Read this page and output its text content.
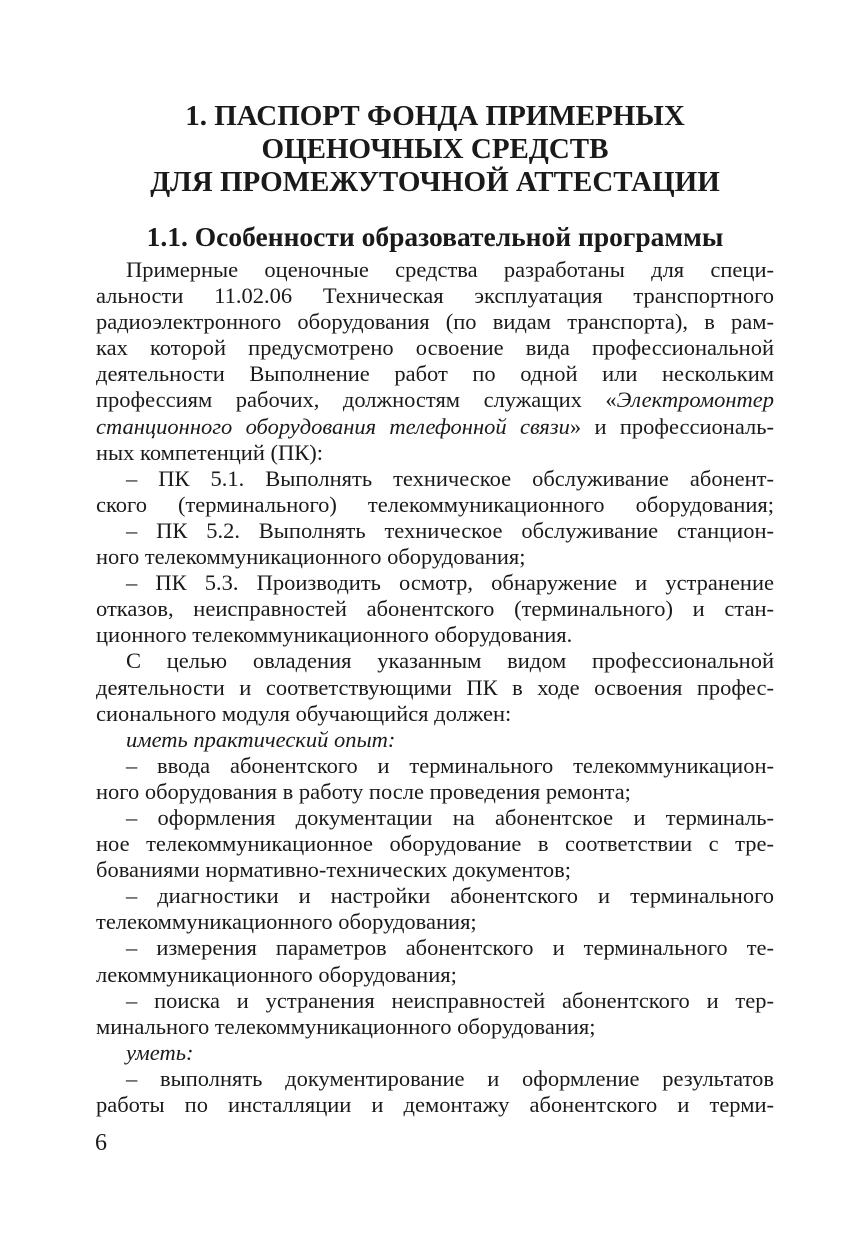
1. ПАСПОРТ ФОНДА ПРИМЕРНЫХ
ОЦЕНОЧНЫХ СРЕДСТВ
ДЛЯ ПРОМЕЖУТОЧНОЙ АТТЕСТАЦИИ
1.1. Особенности образовательной программы
Примерные оценочные средства разработаны для специ-
альности 11.02.06 Техническая эксплуатация транспортного
радиоэлектронного оборудования (по видам транспорта), в рам-
ках которой предусмотрено освоение вида профессиональной
деятельности Выполнение работ по одной или нескольким
профессиям рабочих, должностям служащих «Электромонтер
станционного оборудования телефонной связи» и профессиональ-
ных компетенций (ПК):
– ПК 5.1. Выполнять техническое обслуживание абонент-
ского (терминального) телекоммуникационного оборудования;
– ПК 5.2. Выполнять техническое обслуживание станцион-
ного телекоммуникационного оборудования;
– ПК 5.3. Производить осмотр, обнаружение и устранение
отказов, неисправностей абонентского (терминального) и стан-
ционного телекоммуникационного оборудования.
С целью овладения указанным видом профессиональной
деятельности и соответствующими ПК в ходе освоения профес-
сионального модуля обучающийся должен:
иметь практический опыт:
– ввода абонентского и терминального телекоммуникацион-
ного оборудования в работу после проведения ремонта;
– оформления документации на абонентское и терминаль-
ное телекоммуникационное оборудование в соответствии с тре-
бованиями нормативно-технических документов;
– диагностики и настройки абонентского и терминального
телекоммуникационного оборудования;
– измерения параметров абонентского и терминального те-
лекоммуникационного оборудования;
– поиска и устранения неисправностей абонентского и тер-
минального телекоммуникационного оборудования;
уметь:
– выполнять документирование и оформление результатов
работы по инсталляции и демонтажу абонентского и терми-
6
